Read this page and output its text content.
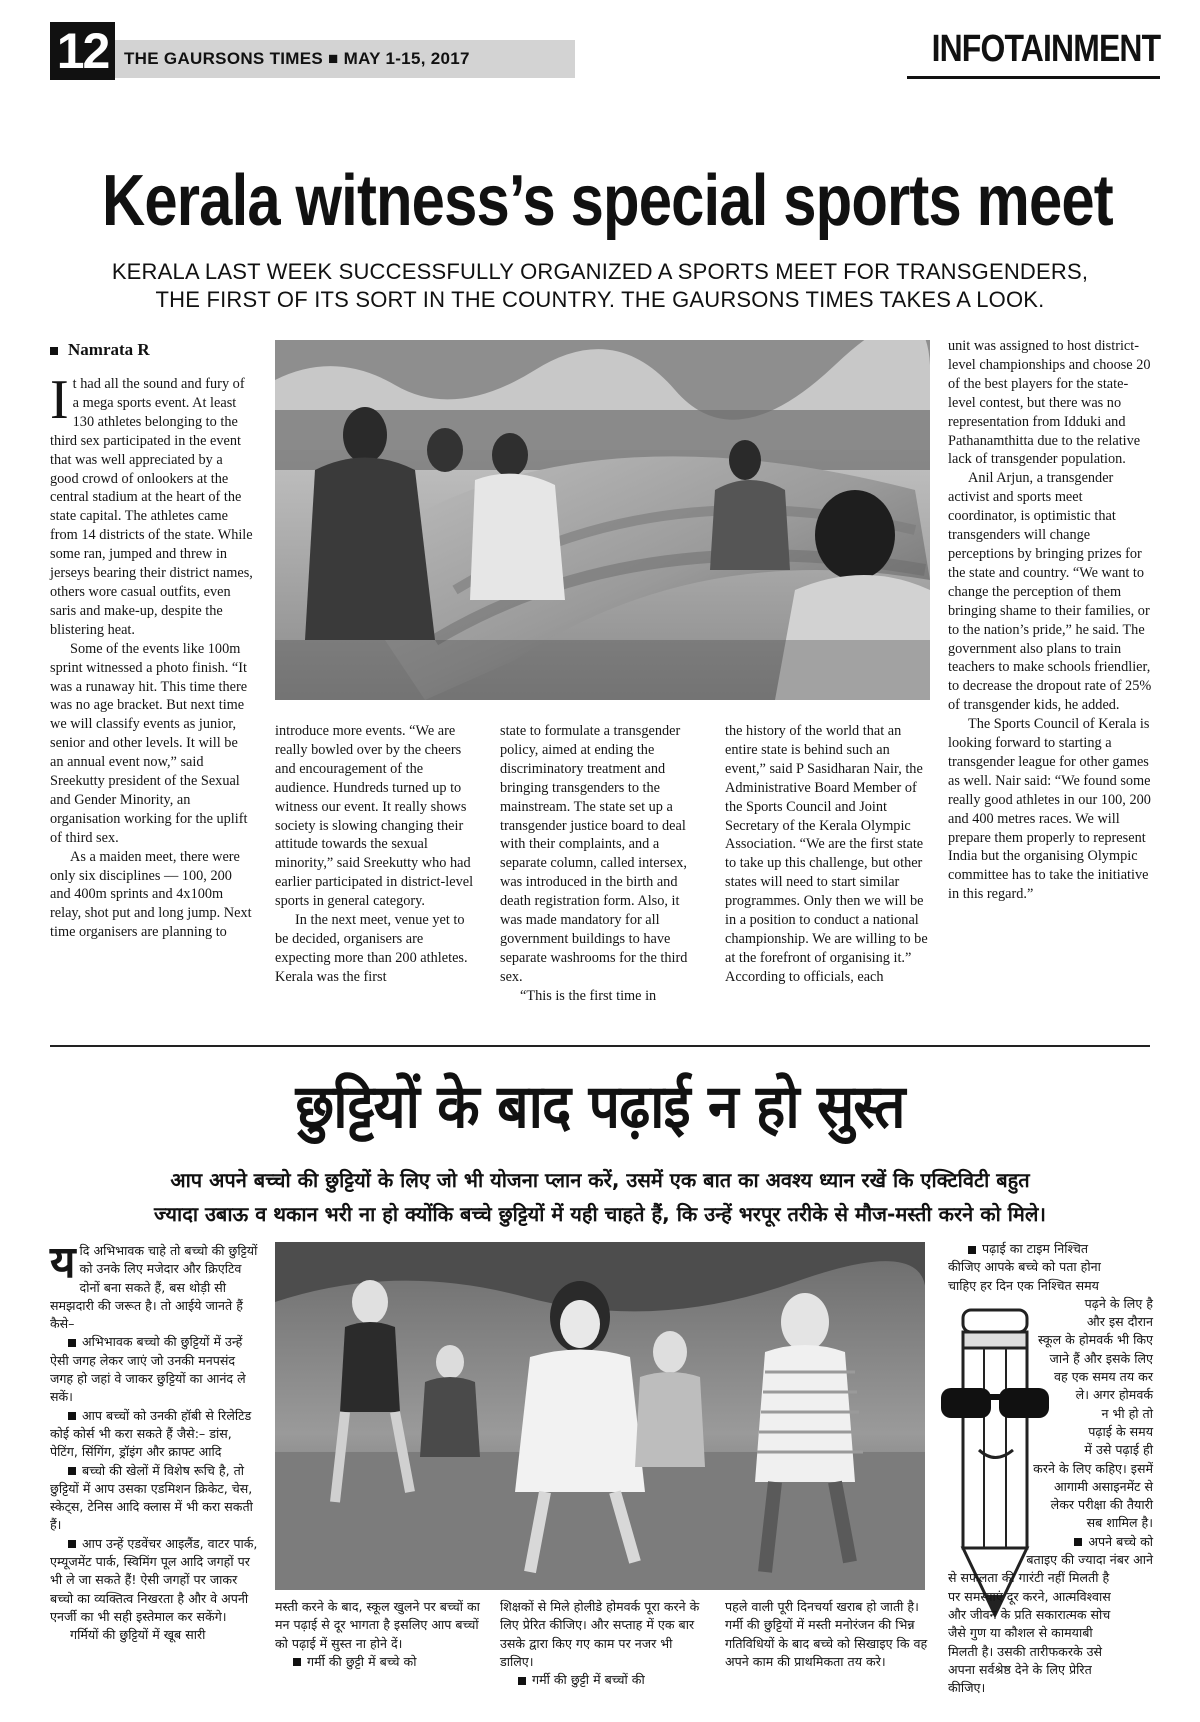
12 THE GAURSONS TIMES ■ MAY 1-15, 2017	INFOTAINMENT
Kerala witness’s special sports meet
KERALA LAST WEEK SUCCESSFULLY ORGANIZED A SPORTS MEET FOR TRANSGENDERS,
THE FIRST OF ITS SORT IN THE COUNTRY. THE GAURSONS TIMES TAKES A LOOK.
Namrata R

It had all the sound and fury of a mega sports event. At least 130 athletes belonging to the third sex participated in the event that was well appreciated by a good crowd of onlookers at the central stadium at the heart of the state capital. The athletes came from 14 districts of the state. While some ran, jumped and threw in jerseys bearing their district names, others wore casual outfits, even saris and make-up, despite the blistering heat.

Some of the events like 100m sprint witnessed a photo finish. “It was a runaway hit. This time there was no age bracket. But next time we will classify events as junior, senior and other levels. It will be an annual event now,” said Sreekutty president of the Sexual and Gender Minority, an organisation working for the uplift of third sex.

As a maiden meet, there were only six disciplines — 100, 200 and 400m sprints and 4x100m relay, shot put and long jump. Next time organisers are planning to

introduce more events. “We are really bowled over by the cheers and encouragement of the audience. Hundreds turned up to witness our event. It really shows society is slowing changing their attitude towards the sexual minority,” said Sreekutty who had earlier participated in district-level sports in general category.

In the next meet, venue yet to be decided, organisers are expecting more than 200 athletes. Kerala was the first

state to formulate a transgender policy, aimed at ending the discriminatory treatment and bringing transgenders to the mainstream. The state set up a transgender justice board to deal with their complaints, and a separate column, called intersex, was introduced in the birth and death registration form. Also, it was made mandatory for all government buildings to have separate washrooms for the third sex.

“This is the first time in

the history of the world that an entire state is behind such an event,” said P Sasidharan Nair, the Administrative Board Member of the Sports Council and Joint Secretary of the Kerala Olympic Association. “We are the first state to take up this challenge, but other states will need to start similar programmes. Only then we will be in a position to conduct a national championship. We are willing to be at the forefront of organising it.” According to officials, each

unit was assigned to host district-level championships and choose 20 of the best players for the state-level contest, but there was no representation from Idduki and Pathanamthitta due to the relative lack of transgender population.

Anil Arjun, a transgender activist and sports meet coordinator, is optimistic that transgenders will change perceptions by bringing prizes for the state and country. “We want to change the perception of them bringing shame to their families, or to the nation’s pride,” he said. The government also plans to train teachers to make schools friendlier, to decrease the dropout rate of 25% of transgender kids, he added.

The Sports Council of Kerala is looking forward to starting a transgender league for other games as well. Nair said: “We found some really good athletes in our 100, 200 and 400 metres races. We will prepare them properly to represent India but the organising Olympic committee has to take the initiative in this regard.”

छुट्टियों के बाद पढ़ाई न हो सुस्त
आप अपने बच्चो की छुट्टियों के लिए जो भी योजना प्लान करें, उसमें एक बात का अवश्य ध्यान रखें कि एक्टिविटी बहुत
ज्यादा उबाऊ व थकान भरी ना हो क्योंकि बच्चे छुट्टियों में यही चाहते हैं, कि उन्हें भरपूर तरीके से मौज-मस्ती करने को मिले।

यदि अभिभावक चाहे तो बच्चो की छुट्टियों को उनके लिए मजेदार और क्रिएटिव दोनों बना सकते हैं, बस थोड़ी सी समझदारी की जरूत है। तो आईये जानते हैं कैसे–

अभिभावक बच्चो की छुट्टियों में उन्हें ऐसी जगह लेकर जाएं जो उनकी मनपसंद जगह हो जहां वे जाकर छुट्टियों का आनंद ले सकें।

आप बच्चों को उनकी हॉबी से रिलेटिड कोई कोर्स भी करा सकते हैं जैसे:– डांस, पेटिंग, सिंगिंग, ड्रॉइंग और क्राफ्ट आदि

बच्चो की खेलों में विशेष रूचि है, तो छुट्टियों में आप उसका एडमिशन क्रिकेट, चेस, स्केट्स, टेनिस आदि क्लास में भी करा सकती हैं।

आप उन्हें एडवेंचर आइलैंड, वाटर पार्क, एम्यूजमेंट पार्क, स्विमिंग पूल आदि जगहों पर भी ले जा सकते हैं! ऐसी जगहों पर जाकर बच्चो का व्यक्तित्व निखरता है और वे अपनी एनर्जी का भी सही इस्तेमाल कर सकेंगे।

गर्मियों की छुट्टियों में खूब सारी

मस्ती करने के बाद, स्कूल खुलने पर बच्चों का मन पढ़ाई से दूर भागता है इसलिए आप बच्चों को पढ़ाई में सुस्त ना होने दें।

गर्मी की छुट्टी में बच्चे को

शिक्षकों से मिले होलीडे होमवर्क पूरा करने के लिए प्रेरित कीजिए। और सप्ताह में एक बार उसके द्वारा किए गए काम पर नजर भी डालिए।

गर्मी की छुट्टी में बच्चों की

पहले वाली पूरी दिनचर्या खराब हो जाती है। गर्मी की छुट्टियों में मस्ती मनोरंजन की भिन्न गतिविधियों के बाद बच्चे को सिखाइए कि वह अपने काम की प्राथमिकता तय करे।

पढ़ाई का टाइम निश्चित
कीजिए आपके बच्चे को पता होना
चाहिए हर दिन एक निश्चित समय
पढ़ने के लिए है
और इस दौरान
स्कूल के होमवर्क भी किए
जाने हैं और इसके लिए
वह एक समय तय कर
ले। अगर होमवर्क
न भी हो तो
पढ़ाई के समय
में उसे पढ़ाई ही
करने के लिए कहिए। इसमें
आगामी असाइनमेंट से
लेकर परीक्षा की तैयारी
सब शामिल है।
अपने बच्चे को
बताइए की ज्यादा नंबर आने
से सफलता की गारंटी नहीं मिलती है
पर समस्याएं दूर करने, आत्मविश्वास
और जीवन के प्रति सकारात्मक सोच
जैसे गुण या कौशल से कामयाबी
मिलती है। उसकी तारीफकरके उसे
अपना सर्वश्रेष्ठ देने के लिए प्रेरित
कीजिए।
